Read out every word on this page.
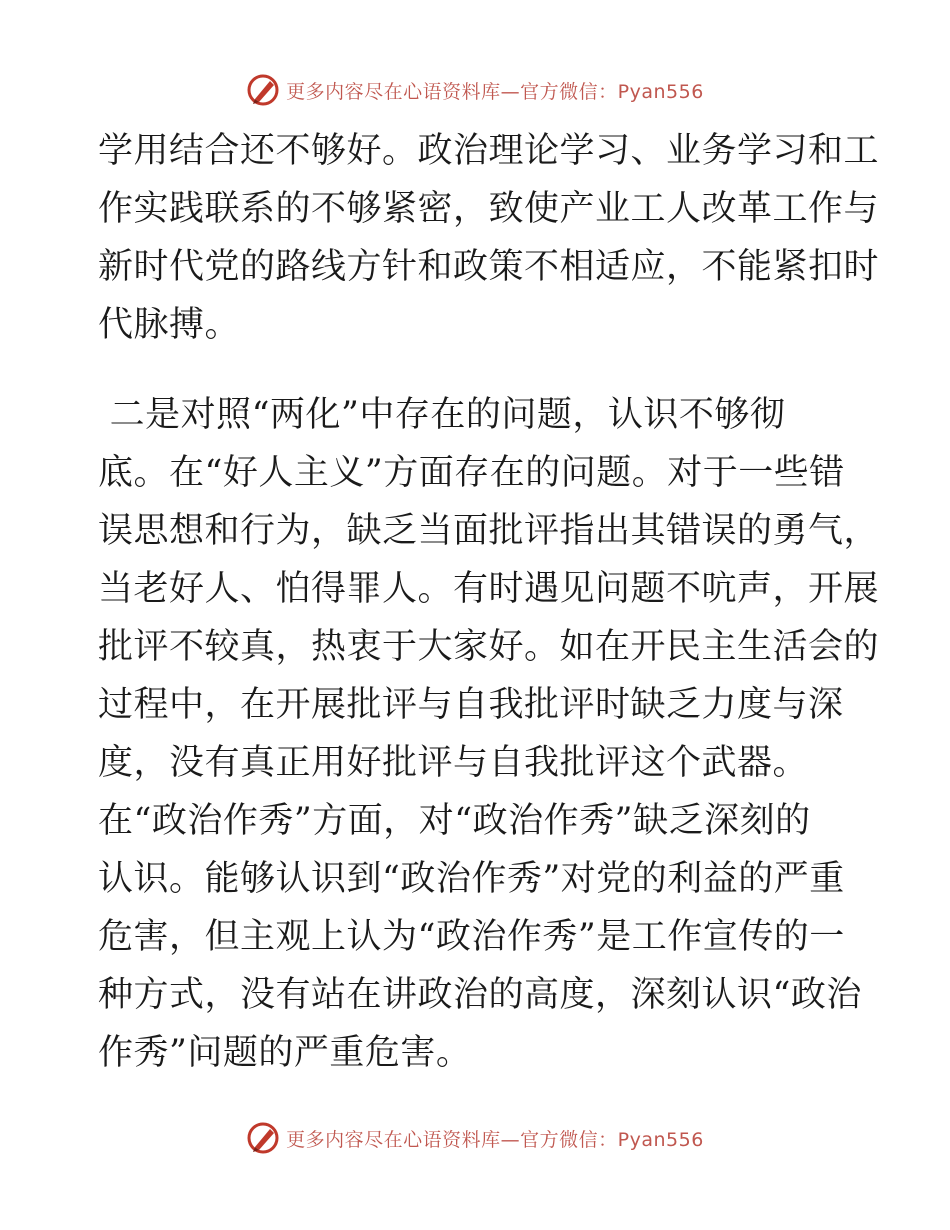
更多内容尽在心语资料库—官方微信：Pyan556
学用结合还不够好。政治理论学习、业务学习和工
作实践联系的不够紧密，致使产业工人改革工作与
新时代党的路线方针和政策不相适应，不能紧扣时
代脉搏。
二是对照“两化”中存在的问题，认识不够彻
底。在“好人主义”方面存在的问题。对于一些错
误思想和行为，缺乏当面批评指出其错误的勇气，
当老好人、怕得罪人。有时遇见问题不吭声，开展
批评不较真，热衷于大家好。如在开民主生活会的
过程中，在开展批评与自我批评时缺乏力度与深
度，没有真正用好批评与自我批评这个武器。
在“政治作秀”方面，对“政治作秀”缺乏深刻的
认识。能够认识到“政治作秀”对党的利益的严重
危害，但主观上认为“政治作秀”是工作宣传的一
种方式，没有站在讲政治的高度，深刻认识“政治
作秀”问题的严重危害。
更多内容尽在心语资料库—官方微信：Pyan556
